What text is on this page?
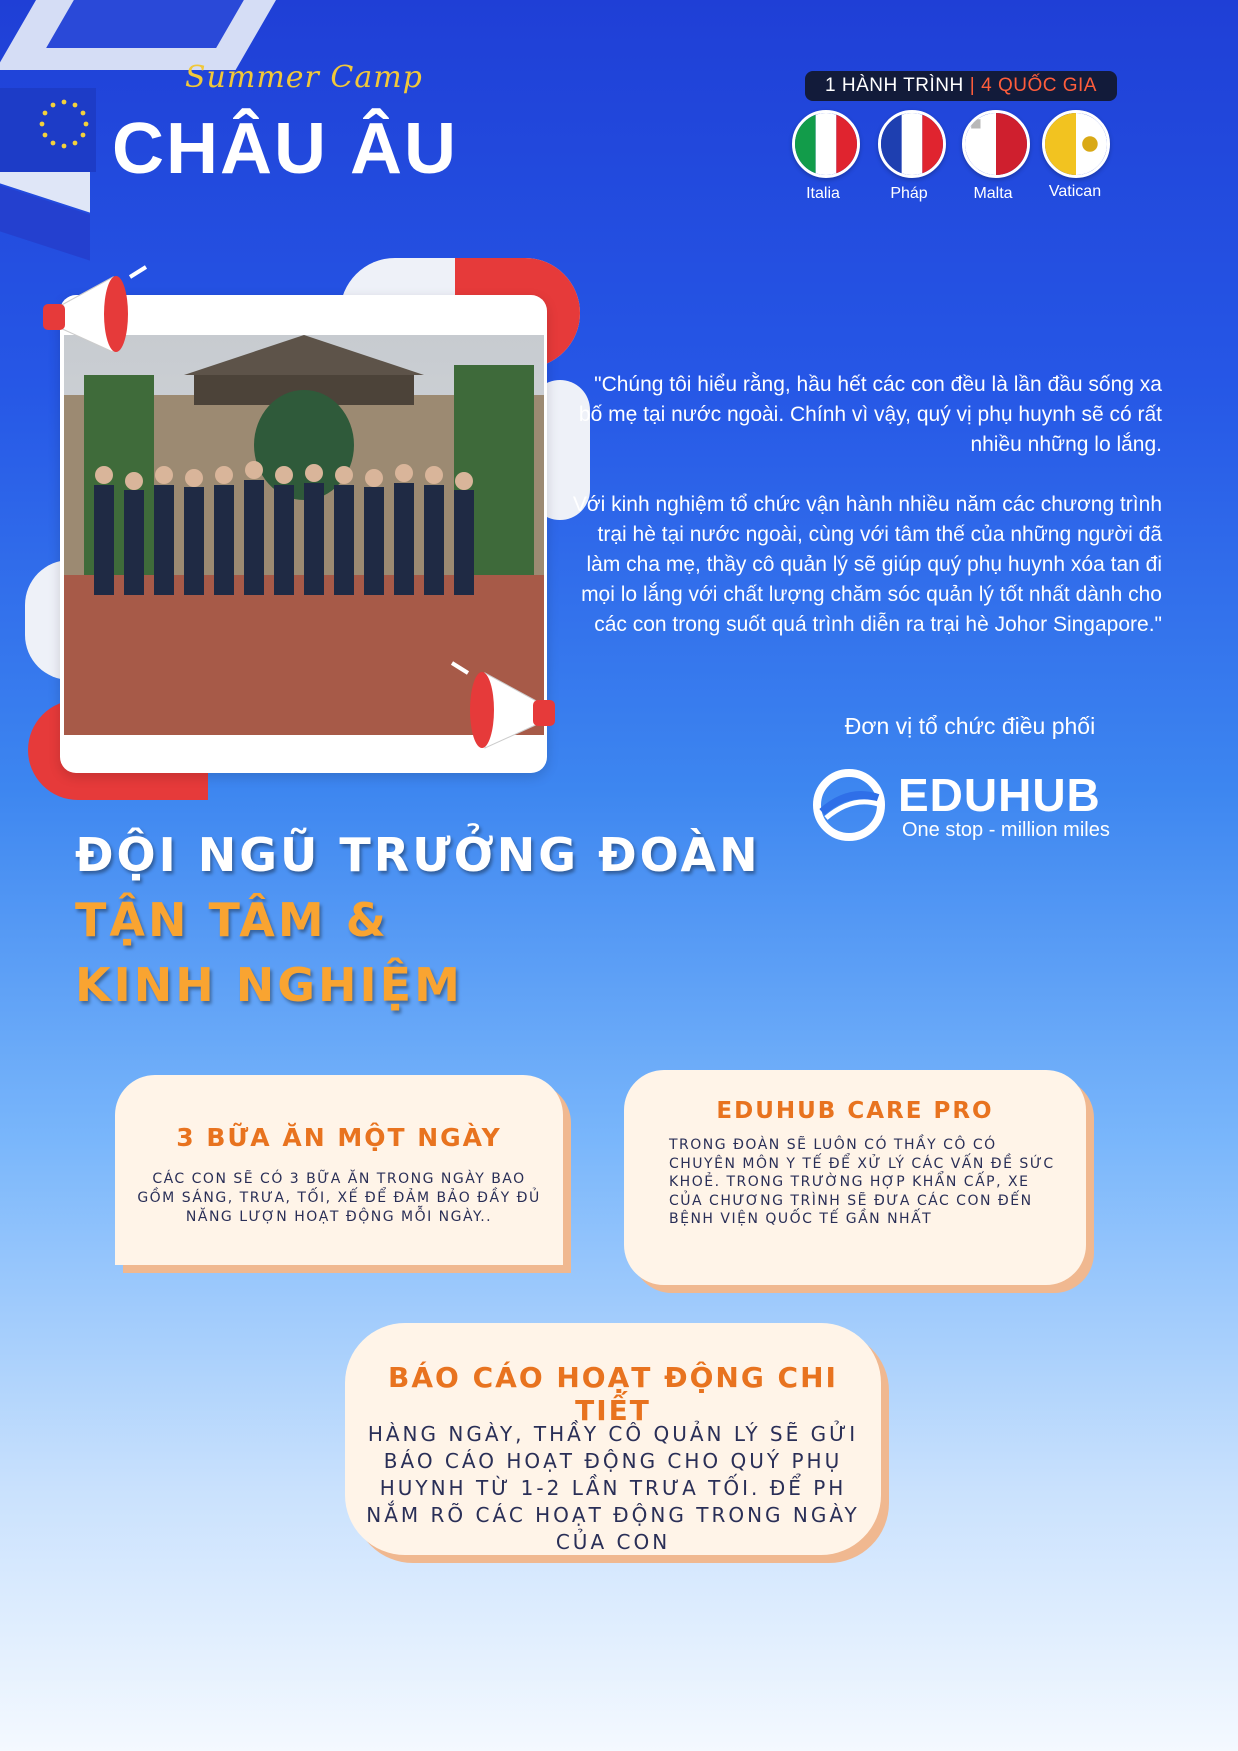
Summer Camp
CHÂU ÂU
1 HÀNH TRÌNH | 4 QUỐC GIA
Italia	Pháp	Malta	Vatican

"Chúng tôi hiểu rằng, hầu hết các con đều là lần đầu sống xa bố mẹ tại nước ngoài. Chính vì vậy, quý vị phụ huynh sẽ có rất nhiều những lo lắng.

Với kinh nghiệm tổ chức vận hành nhiều năm các chương trình trại hè tại nước ngoài, cùng với tâm thế của những người đã làm cha mẹ, thầy cô quản lý sẽ giúp quý phụ huynh xóa tan đi mọi lo lắng với chất lượng chăm sóc quản lý tốt nhất dành cho các con trong suốt quá trình diễn ra trại hè Johor Singapore."

Đơn vị tổ chức điều phối
EDUHUB
One stop - million miles
ĐỘI NGŨ TRƯỞNG ĐOÀN
TẬN TÂM &
KINH NGHIỆM
3 BỮA ĂN MỘT NGÀY
CÁC CON SẼ CÓ 3 BỮA ĂN TRONG NGÀY BAO GỒM SÁNG, TRƯA, TỐI, XẾ ĐỂ ĐẢM BẢO ĐẦY ĐỦ NĂNG LƯỢN HOẠT ĐỘNG MỖI NGÀY..
EDUHUB CARE PRO
TRONG ĐOÀN SẼ LUÔN CÓ THẦY CÔ CÓ CHUYÊN MÔN Y TẾ ĐỂ XỬ LÝ CÁC VẤN ĐỀ SỨC KHOẺ. TRONG TRƯỜNG HỢP KHẨN CẤP, XE CỦA CHƯƠNG TRÌNH SẼ ĐƯA CÁC CON ĐẾN BỆNH VIỆN QUỐC TẾ GẦN NHẤT
BÁO CÁO HOẠT ĐỘNG CHI TIẾT
HÀNG NGÀY, THẦY CÔ QUẢN LÝ SẼ GỬI BÁO CÁO HOẠT ĐỘNG CHO QUÝ PHỤ HUYNH TỪ 1-2 LẦN TRƯA TỐI. ĐỂ PH NẮM RÕ CÁC HOẠT ĐỘNG TRONG NGÀY CỦA CON
